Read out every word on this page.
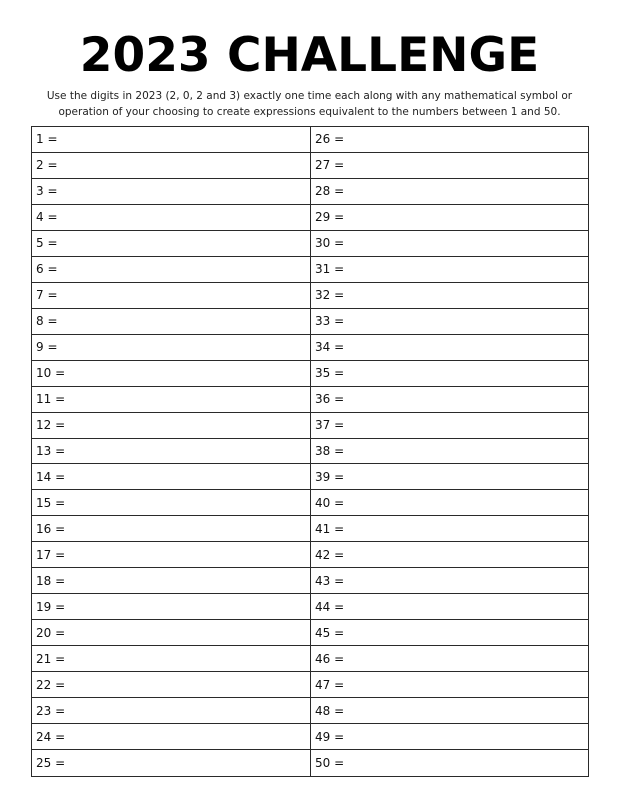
2023 CHALLENGE
Use the digits in 2023 (2, 0, 2 and 3) exactly one time each along with any mathematical symbol or
operation of your choosing to create expressions equivalent to the numbers between 1 and 50.
1 =
2 =
3 =
4 =
5 =
6 =
7 =
8 =
9 =
10 =
11 =
12 =
13 =
14 =
15 =
16 =
17 =
18 =
19 =
20 =
21 =
22 =
23 =
24 =
25 =
26 =
27 =
28 =
29 =
30 =
31 =
32 =
33 =
34 =
35 =
36 =
37 =
38 =
39 =
40 =
41 =
42 =
43 =
44 =
45 =
46 =
47 =
48 =
49 =
50 =
